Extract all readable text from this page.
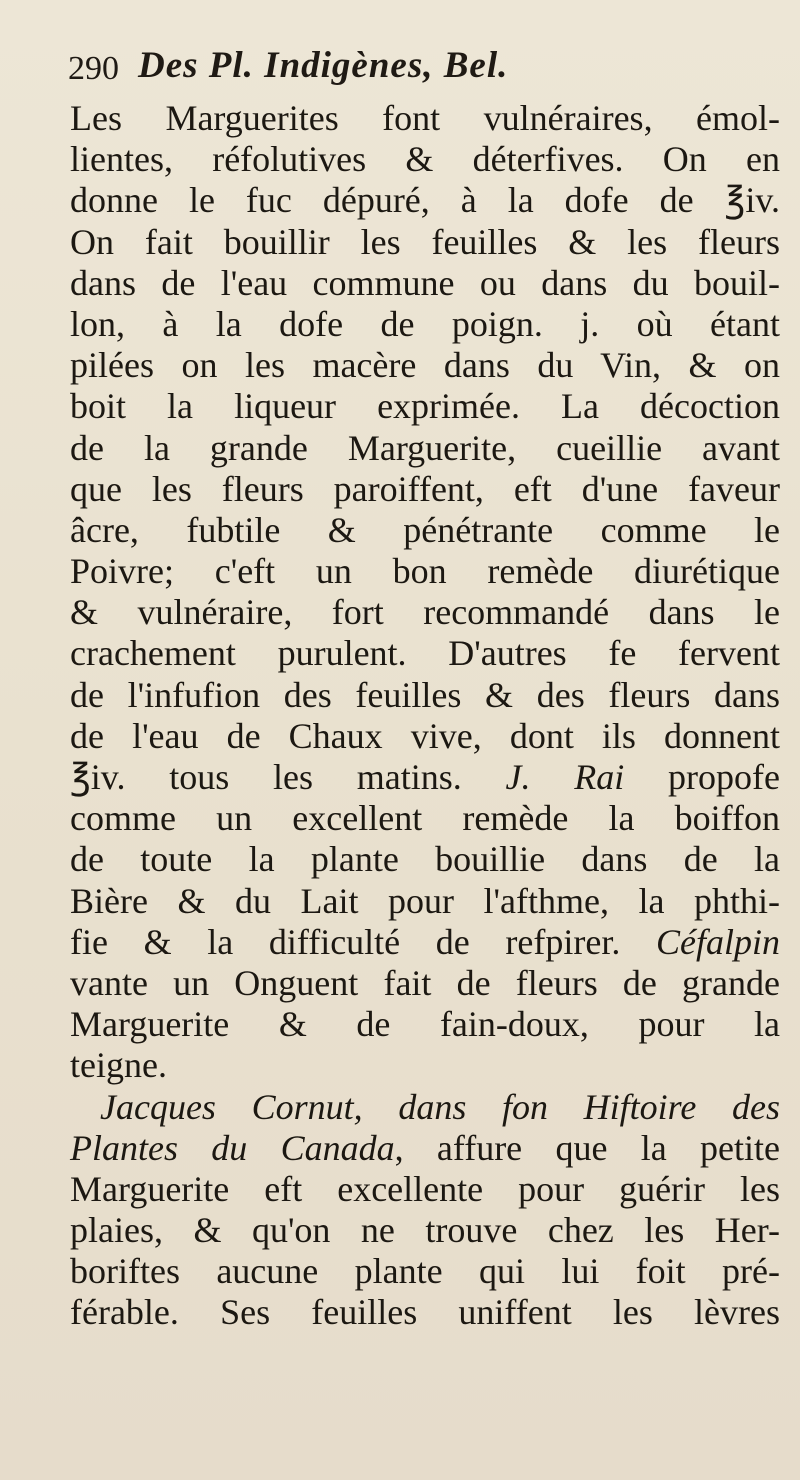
290 Des Pl. Indigènes, Bel.
Les Marguerites font vulnéraires, émol-
lientes, réfolutives & déterfives. On en
donne le fuc dépuré, à la dofe de ℥iv.
On fait bouillir les feuilles & les fleurs
dans de l'eau commune ou dans du bouil-
lon, à la dofe de poign. j. où étant
pilées on les macère dans du Vin, & on
boit la liqueur exprimée. La décoction
de la grande Marguerite, cueillie avant
que les fleurs paroiffent, eft d'une faveur
âcre, fubtile & pénétrante comme le
Poivre; c'eft un bon remède diurétique
& vulnéraire, fort recommandé dans le
crachement purulent. D'autres fe fervent
de l'infufion des feuilles & des fleurs dans
de l'eau de Chaux vive, dont ils donnent
℥iv. tous les matins. J. Rai propofe
comme un excellent remède la boiffon
de toute la plante bouillie dans de la
Bière & du Lait pour l'afthme, la phthi-
fie & la difficulté de refpirer. Céfalpin
vante un Onguent fait de fleurs de grande
Marguerite & de fain-doux, pour la
teigne.
Jacques Cornut, dans fon Hiftoire des
Plantes du Canada, affure que la petite
Marguerite eft excellente pour guérir les
plaies, & qu'on ne trouve chez les Her-
boriftes aucune plante qui lui foit pré-
férable. Ses feuilles uniffent les lèvres
